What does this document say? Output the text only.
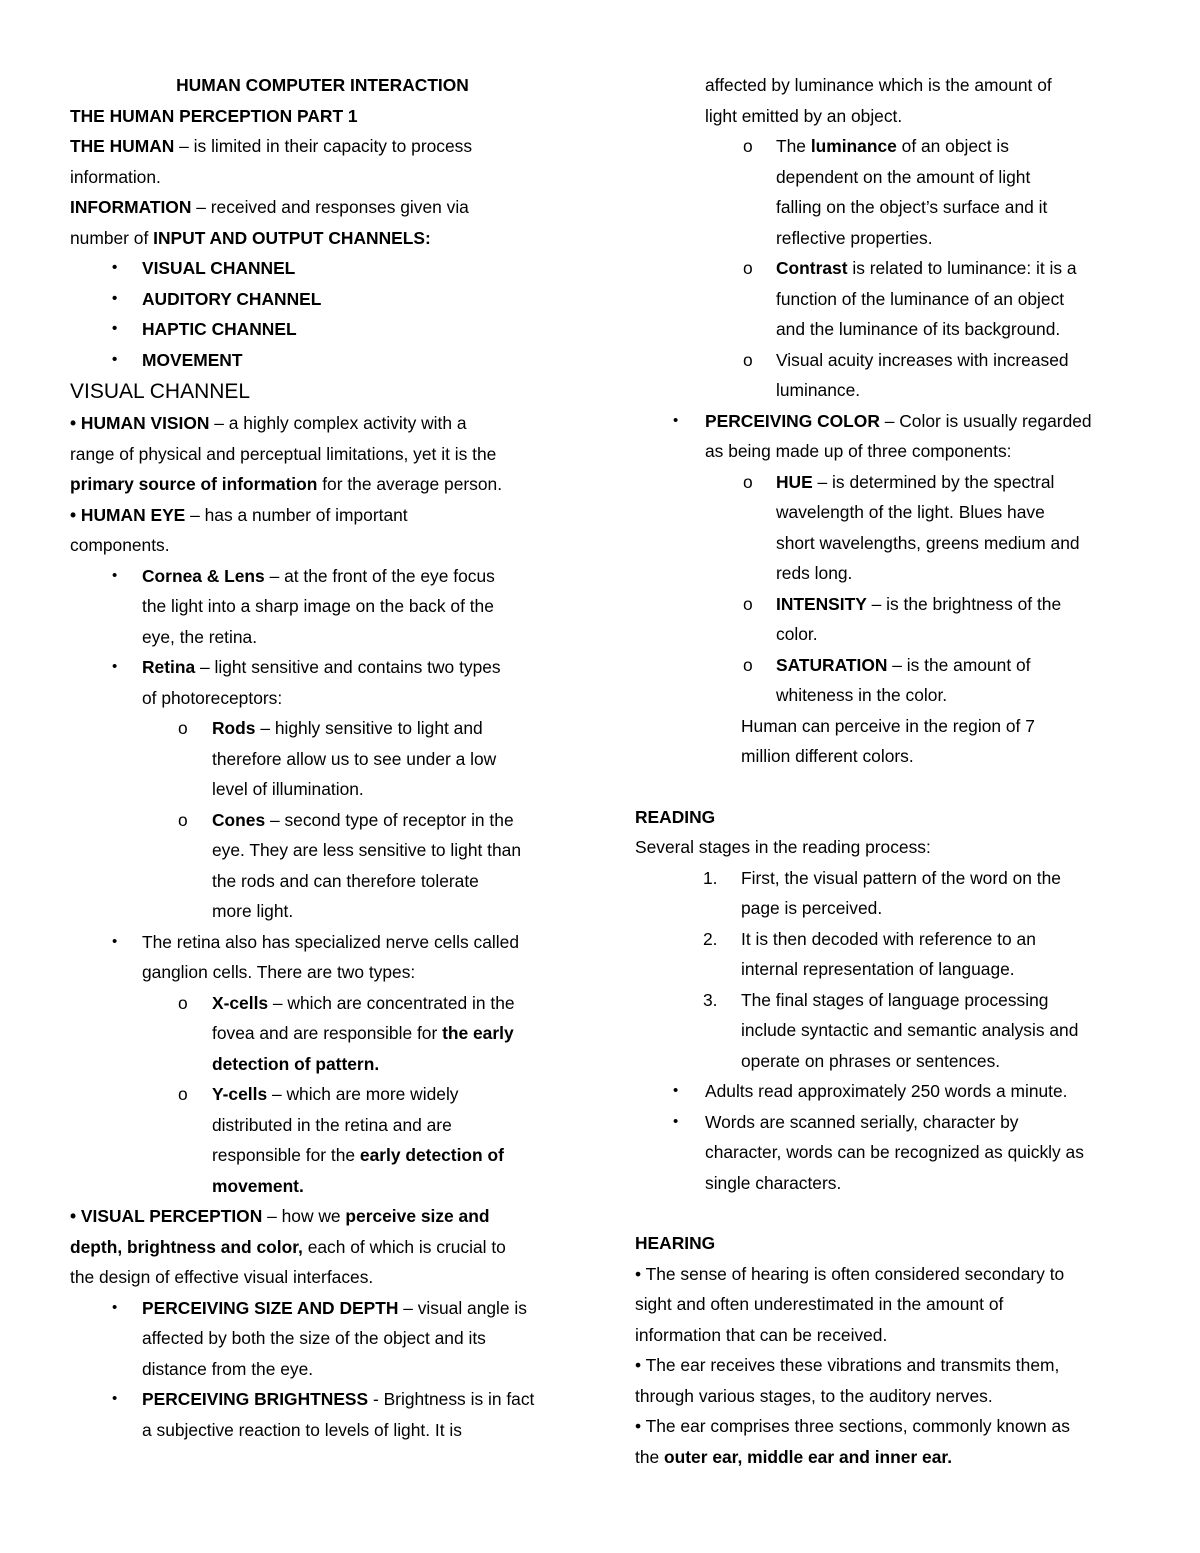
HUMAN COMPUTER INTERACTION
THE HUMAN PERCEPTION PART 1
THE HUMAN – is limited in their capacity to process
information.
INFORMATION – received and responses given via
number of INPUT AND OUTPUT CHANNELS:
• VISUAL CHANNEL
• AUDITORY CHANNEL
• HAPTIC CHANNEL
• MOVEMENT
VISUAL CHANNEL
• HUMAN VISION – a highly complex activity with a
range of physical and perceptual limitations, yet it is the
primary source of information for the average person.
• HUMAN EYE – has a number of important
components.
• Cornea & Lens – at the front of the eye focus
the light into a sharp image on the back of the
eye, the retina.
• Retina – light sensitive and contains two types
of photoreceptors:
o Rods – highly sensitive to light and
therefore allow us to see under a low
level of illumination.
o Cones – second type of receptor in the
eye. They are less sensitive to light than
the rods and can therefore tolerate
more light.
• The retina also has specialized nerve cells called
ganglion cells. There are two types:
o X-cells – which are concentrated in the
fovea and are responsible for the early
detection of pattern.
o Y-cells – which are more widely
distributed in the retina and are
responsible for the early detection of
movement.
• VISUAL PERCEPTION – how we perceive size and
depth, brightness and color, each of which is crucial to
the design of effective visual interfaces.
• PERCEIVING SIZE AND DEPTH – visual angle is
affected by both the size of the object and its
distance from the eye.
• PERCEIVING BRIGHTNESS - Brightness is in fact
a subjective reaction to levels of light. It is
affected by luminance which is the amount of
light emitted by an object.
o The luminance of an object is
dependent on the amount of light
falling on the object’s surface and it
reflective properties.
o Contrast is related to luminance: it is a
function of the luminance of an object
and the luminance of its background.
o Visual acuity increases with increased
luminance.
• PERCEIVING COLOR – Color is usually regarded
as being made up of three components:
o HUE – is determined by the spectral
wavelength of the light. Blues have
short wavelengths, greens medium and
reds long.
o INTENSITY – is the brightness of the
color.
o SATURATION – is the amount of
whiteness in the color.
Human can perceive in the region of 7
million different colors.
READING
Several stages in the reading process:
1. First, the visual pattern of the word on the
page is perceived.
2. It is then decoded with reference to an
internal representation of language.
3. The final stages of language processing
include syntactic and semantic analysis and
operate on phrases or sentences.
• Adults read approximately 250 words a minute.
• Words are scanned serially, character by
character, words can be recognized as quickly as
single characters.
HEARING
• The sense of hearing is often considered secondary to
sight and often underestimated in the amount of
information that can be received.
• The ear receives these vibrations and transmits them,
through various stages, to the auditory nerves.
• The ear comprises three sections, commonly known as
the outer ear, middle ear and inner ear.
